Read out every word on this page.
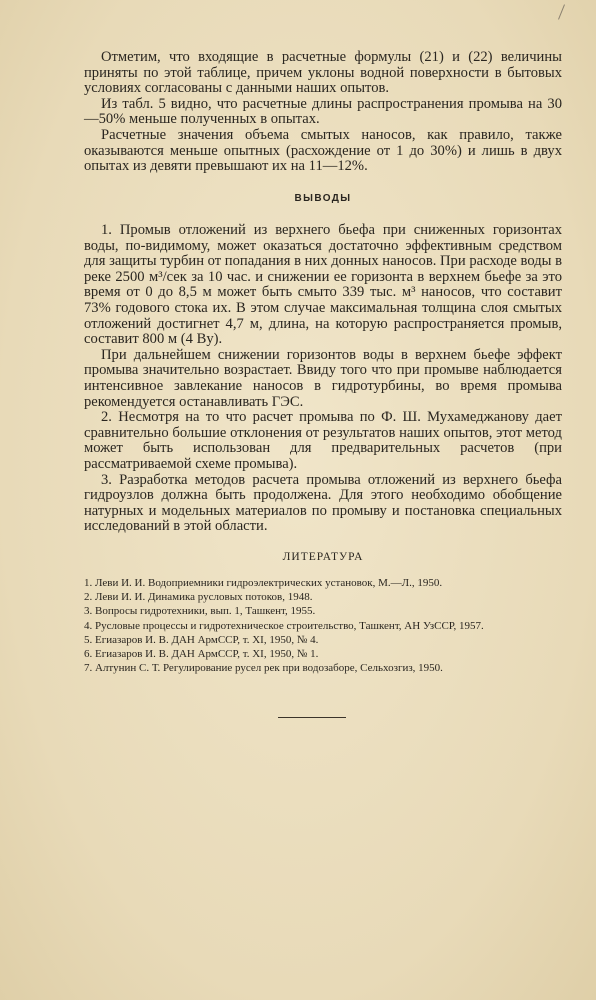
Отметим, что входящие в расчетные формулы (21) и (22) величины приняты по этой таблице, причем уклоны водной поверхности в бытовых условиях согласованы с данными наших опытов.

Из табл. 5 видно, что расчетные длины распространения промыва на 30—50% меньше полученных в опытах.

Расчетные значения объема смытых наносов, как правило, также оказываются меньше опытных (расхождение от 1 до 30%) и лишь в двух опытах из девяти превышают их на 11—12%.

ВЫВОДЫ

1. Промыв отложений из верхнего бьефа при сниженных горизонтах воды, по-видимому, может оказаться достаточно эффективным средством для защиты турбин от попадания в них донных наносов. При расходе воды в реке 2500 м³/сек за 10 час. и снижении ее горизонта в верхнем бьефе за это время от 0 до 8,5 м может быть смыто 339 тыс. м³ наносов, что составит 73% годового стока их. В этом случае максимальная толщина слоя смытых отложений достигнет 4,7 м, длина, на которую распространяется промыв, составит 800 м (4 Bу).

При дальнейшем снижении горизонтов воды в верхнем бьефе эффект промыва значительно возрастает. Ввиду того что при промыве наблюдается интенсивное завлекание наносов в гидротурбины, во время промыва рекомендуется останавливать ГЭС.

2. Несмотря на то что расчет промыва по Ф. Ш. Мухамеджанову дает сравнительно большие отклонения от результатов наших опытов, этот метод может быть использован для предварительных расчетов (при рассматриваемой схеме промыва).

3. Разработка методов расчета промыва отложений из верхнего бьефа гидроузлов должна быть продолжена. Для этого необходимо обобщение натурных и модельных материалов по промыву и постановка специальных исследований в этой области.

ЛИТЕРАТУРА
1. Леви И. И. Водоприемники гидроэлектрических установок, М.—Л., 1950.
2. Леви И. И. Динамика русловых потоков, 1948.
3. Вопросы гидротехники, вып. 1, Ташкент, 1955.
4. Русловые процессы и гидротехническое строительство, Ташкент, АН УзССР, 1957.
5. Егиазаров И. В. ДАН АрмССР, т. XI, 1950, № 4.
6. Егиазаров И. В. ДАН АрмССР, т. XI, 1950, № 1.
7. Алтунин С. Т. Регулирование русел рек при водозаборе, Сельхозгиз, 1950.
